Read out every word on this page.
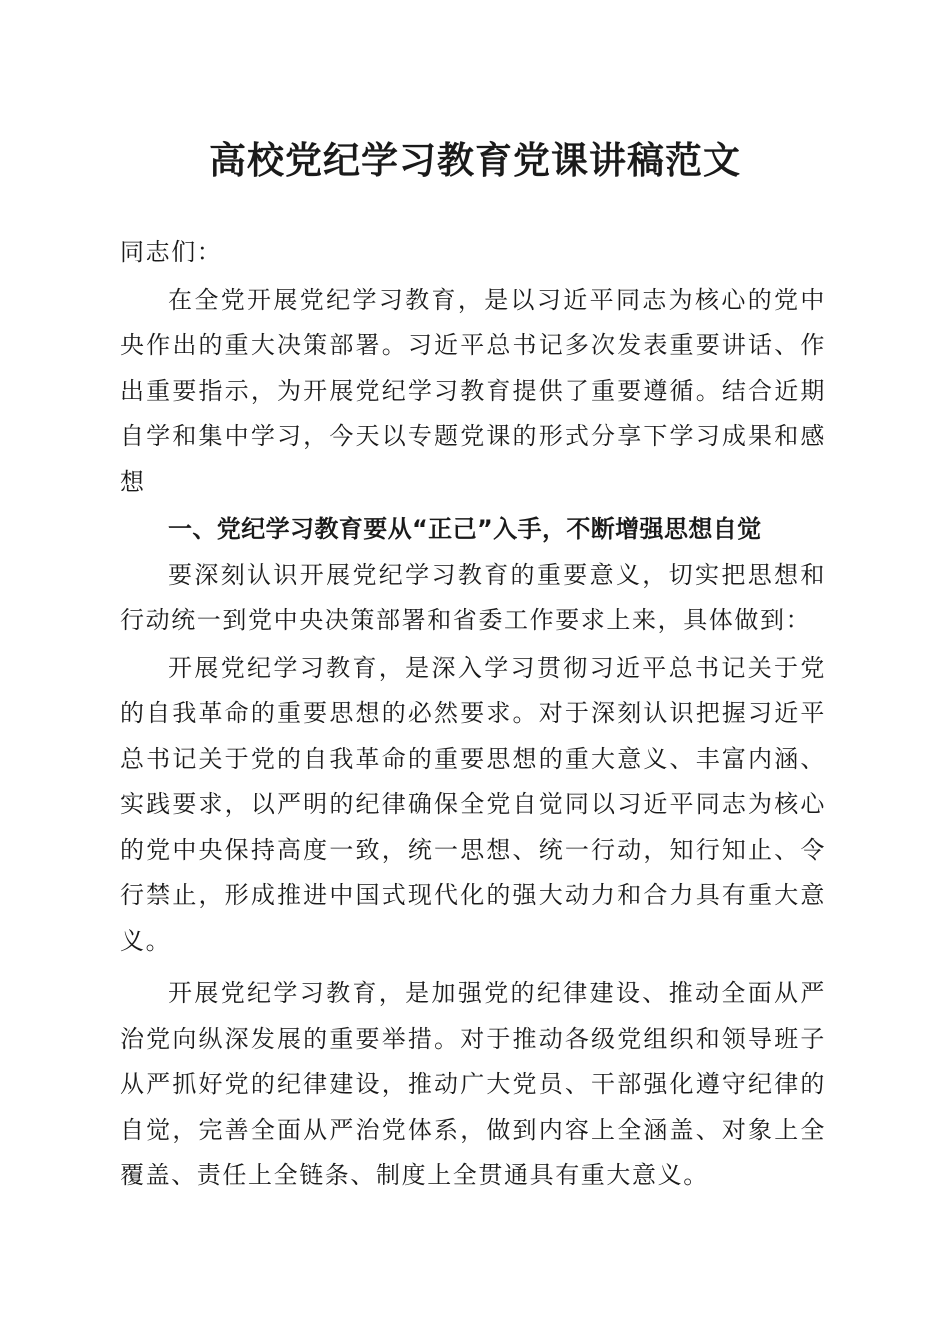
高校党纪学习教育党课讲稿范文

同志们：

在全党开展党纪学习教育，是以习近平同志为核心的党中央作出的重大决策部署。习近平总书记多次发表重要讲话、作出重要指示，为开展党纪学习教育提供了重要遵循。结合近期自学和集中学习，今天以专题党课的形式分享下学习成果和感想

一、党纪学习教育要从“正己”入手，不断增强思想自觉

要深刻认识开展党纪学习教育的重要意义，切实把思想和行动统一到党中央决策部署和省委工作要求上来，具体做到：

开展党纪学习教育，是深入学习贯彻习近平总书记关于党的自我革命的重要思想的必然要求。对于深刻认识把握习近平总书记关于党的自我革命的重要思想的重大意义、丰富内涵、实践要求，以严明的纪律确保全党自觉同以习近平同志为核心的党中央保持高度一致，统一思想、统一行动，知行知止、令行禁止，形成推进中国式现代化的强大动力和合力具有重大意义。

开展党纪学习教育，是加强党的纪律建设、推动全面从严治党向纵深发展的重要举措。对于推动各级党组织和领导班子从严抓好党的纪律建设，推动广大党员、干部强化遵守纪律的自觉，完善全面从严治党体系，做到内容上全涵盖、对象上全覆盖、责任上全链条、制度上全贯通具有重大意义。
